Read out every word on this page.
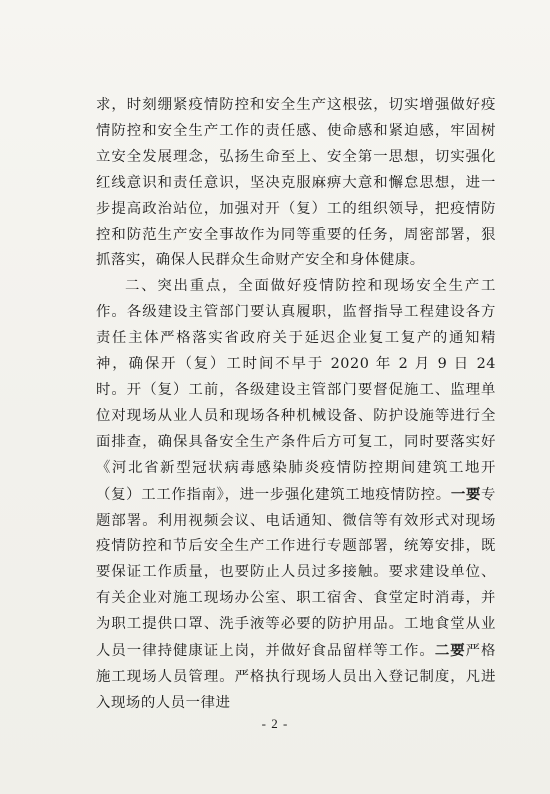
求，时刻绷紧疫情防控和安全生产这根弦，切实增强做好疫情防控和安全生产工作的责任感、使命感和紧迫感，牢固树立安全发展理念，弘扬生命至上、安全第一思想，切实强化红线意识和责任意识，坚决克服麻痹大意和懈怠思想，进一步提高政治站位，加强对开（复）工的组织领导，把疫情防控和防范生产安全事故作为同等重要的任务，周密部署，狠抓落实，确保人民群众生命财产安全和身体健康。

二、突出重点，全面做好疫情防控和现场安全生产工作。各级建设主管部门要认真履职，监督指导工程建设各方责任主体严格落实省政府关于延迟企业复工复产的通知精神，确保开（复）工时间不早于 2020 年 2 月 9 日 24 时。开（复）工前，各级建设主管部门要督促施工、监理单位对现场从业人员和现场各种机械设备、防护设施等进行全面排查，确保具备安全生产条件后方可复工，同时要落实好《河北省新型冠状病毒感染肺炎疫情防控期间建筑工地开（复）工工作指南》，进一步强化建筑工地疫情防控。一要专题部署。利用视频会议、电话通知、微信等有效形式对现场疫情防控和节后安全生产工作进行专题部署，统筹安排，既要保证工作质量，也要防止人员过多接触。要求建设单位、有关企业对施工现场办公室、职工宿舍、食堂定时消毒，并为职工提供口罩、洗手液等必要的防护用品。工地食堂从业人员一律持健康证上岗，并做好食品留样等工作。二要严格施工现场人员管理。严格执行现场人员出入登记制度，凡进入现场的人员一律进

- 2 -
